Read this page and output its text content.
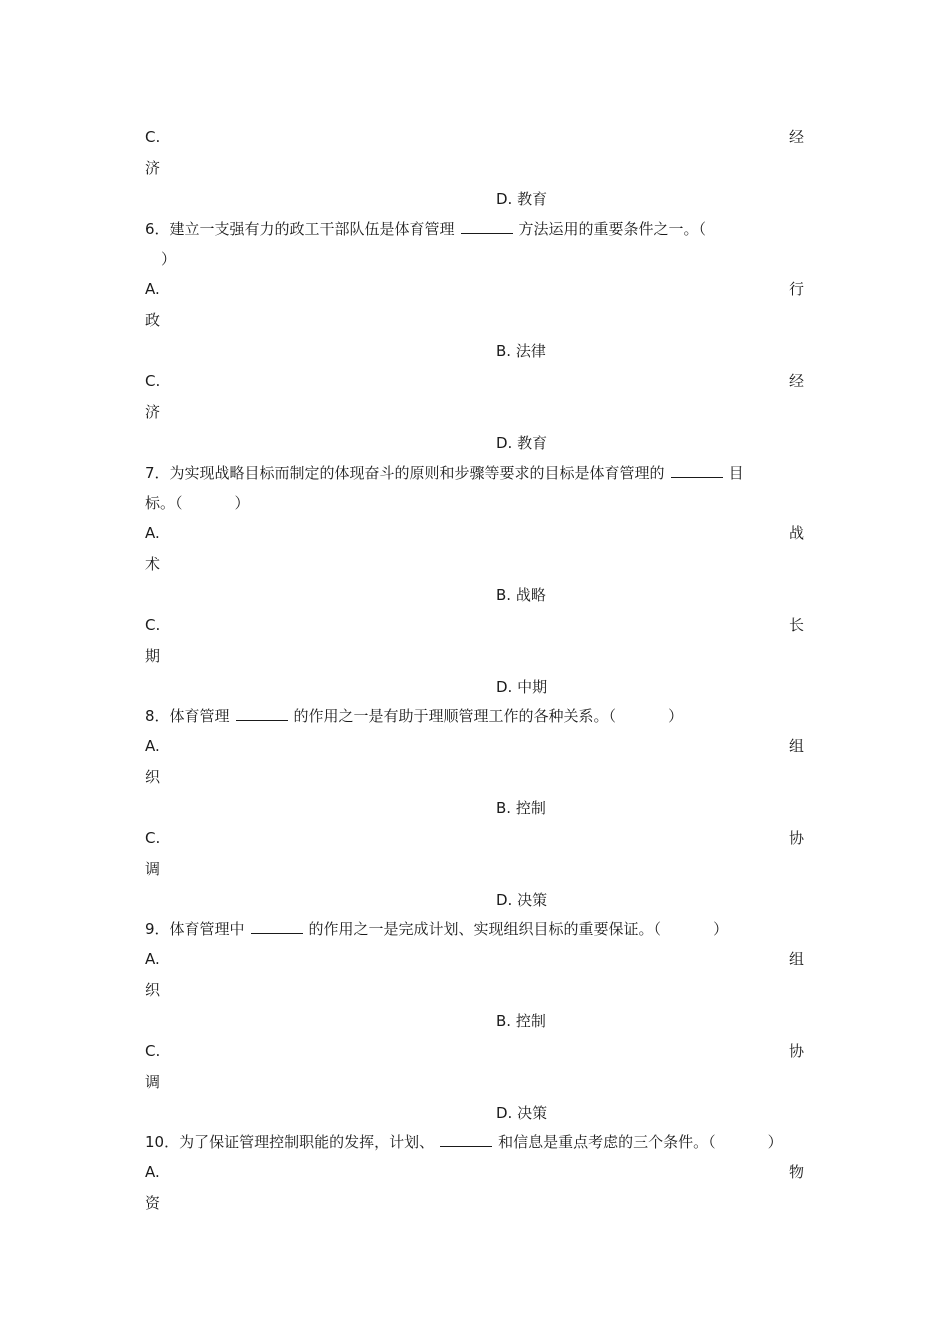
C.	经
济
D. 教育
6．建立一支强有力的政工干部队伍是体育管理	方法运用的重要条件之一。（
）
A.	行
政
B. 法律
C.	经
济
D. 教育
7．为实现战略目标而制定的体现奋斗的原则和步骤等要求的目标是体育管理的	目
标。（	）
A.	战
术
B. 战略
C.	长
期
D. 中期
8．体育管理	的作用之一是有助于理顺管理工作的各种关系。（	）
A.	组
织
B. 控制
C.	协
调
D. 决策
9．体育管理中	的作用之一是完成计划、实现组织目标的重要保证。（	）
A.	组
织
B. 控制
C.	协
调
D. 决策
10．为了保证管理控制职能的发挥，计划、	和信息是重点考虑的三个条件。（	）
A.	物
资
